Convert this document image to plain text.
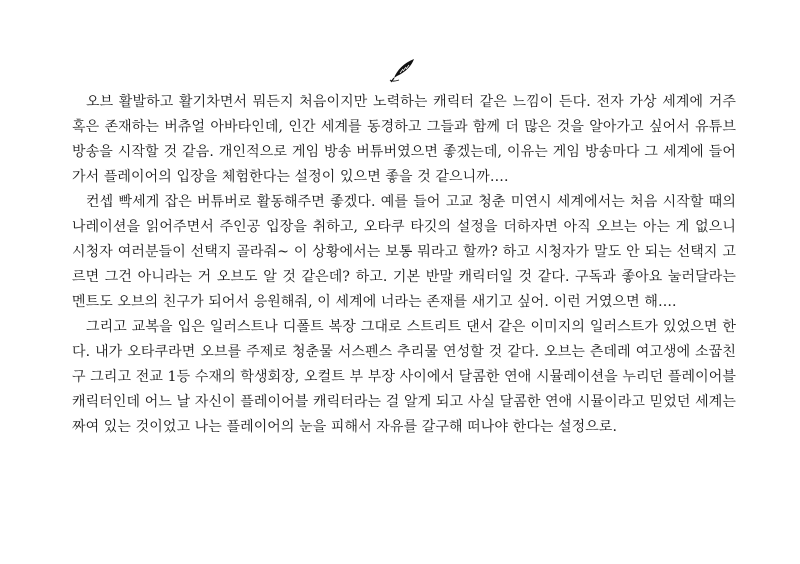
오브 활발하고 활기차면서 뭐든지 처음이지만 노력하는 캐릭터 같은 느낌이 든다. 전자 가상 세계에 거주 혹은 존재하는 버츄얼 아바타인데, 인간 세계를 동경하고 그들과 함께 더 많은 것을 알아가고 싶어서 유튜브 방송을 시작할 것 같음. 개인적으로 게임 방송 버튜버였으면 좋겠는데, 이유는 게임 방송마다 그 세계에 들어가서 플레이어의 입장을 체험한다는 설정이 있으면 좋을 것 같으니까….

컨셉 빡세게 잡은 버튜버로 활동해주면 좋겠다. 예를 들어 고교 청춘 미연시 세계에서는 처음 시작할 때의 나레이션을 읽어주면서 주인공 입장을 취하고, 오타쿠 타깃의 설정을 더하자면 아직 오브는 아는 게 없으니 시청자 여러분들이 선택지 골라줘~ 이 상황에서는 보통 뭐라고 할까? 하고 시청자가 말도 안 되는 선택지 고르면 그건 아니라는 거 오브도 알 것 같은데? 하고. 기본 반말 캐릭터일 것 같다. 구독과 좋아요 눌러달라는 멘트도 오브의 친구가 되어서 응원해줘, 이 세계에 너라는 존재를 새기고 싶어. 이런 거였으면 해….

그리고 교복을 입은 일러스트나 디폴트 복장 그대로 스트리트 댄서 같은 이미지의 일러스트가 있었으면 한다. 내가 오타쿠라면 오브를 주제로 청춘물 서스펜스 추리물 연성할 것 같다. 오브는 츤데레 여고생에 소꿉친구 그리고 전교 1등 수재의 학생회장, 오컬트 부 부장 사이에서 달콤한 연애 시뮬레이션을 누리던 플레이어블 캐릭터인데 어느 날 자신이 플레이어블 캐릭터라는 걸 알게 되고 사실 달콤한 연애 시뮬이라고 믿었던 세계는 짜여 있는 것이었고 나는 플레이어의 눈을 피해서 자유를 갈구해 떠나야 한다는 설정으로.
